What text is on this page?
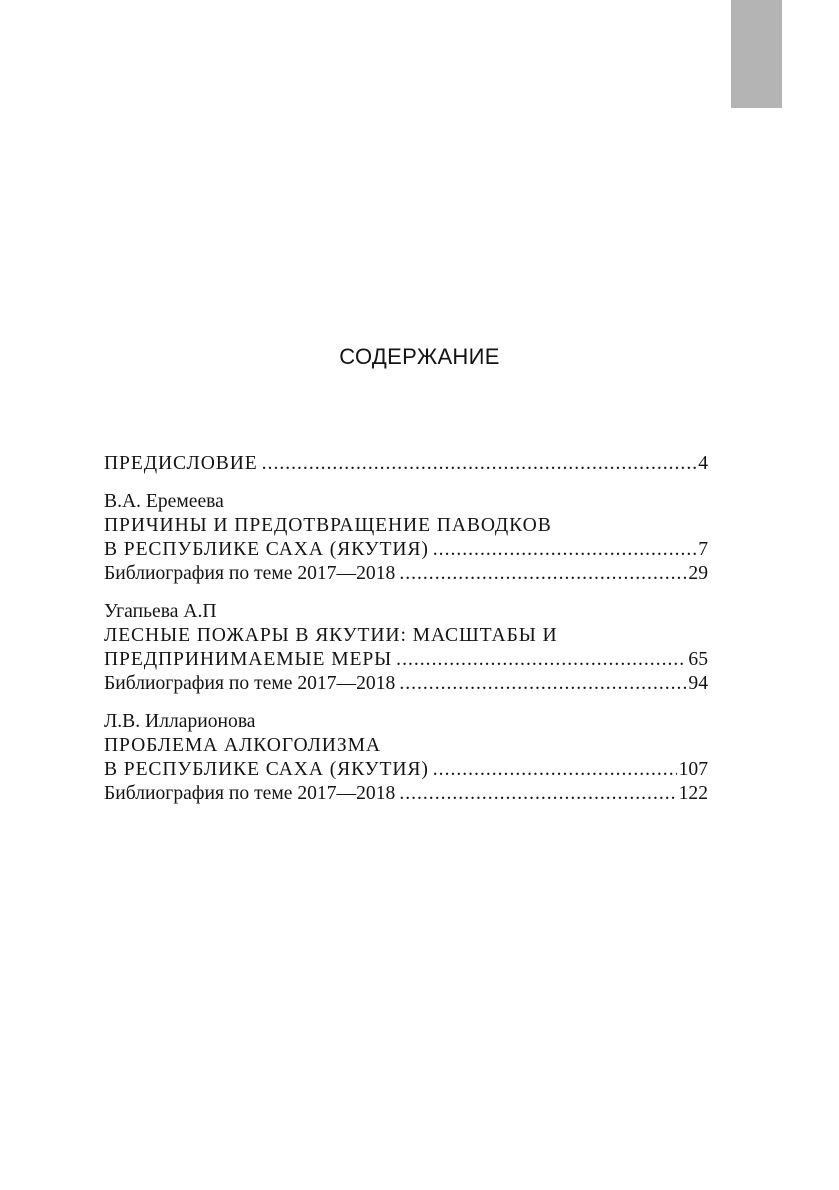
СОДЕРЖАНИЕ
ПРЕДИСЛОВИЕ .....	4
В.А. Еремеева
ПРИЧИНЫ И ПРЕДОТВРАЩЕНИЕ ПАВОДКОВ
В РЕСПУБЛИКЕ САХА (ЯКУТИЯ) .....	7
Библиография по теме 2017—2018 .....	29
Угапьева А.П
ЛЕСНЫЕ ПОЖАРЫ В ЯКУТИИ: МАСШТАБЫ И
ПРЕДПРИНИМАЕМЫЕ МЕРЫ .....	65
Библиография по теме 2017—2018 .....	94
Л.В. Илларионова
ПРОБЛЕМА АЛКОГОЛИЗМА
В РЕСПУБЛИКЕ САХА (ЯКУТИЯ) .....	107
Библиография по теме 2017—2018 .....	122
